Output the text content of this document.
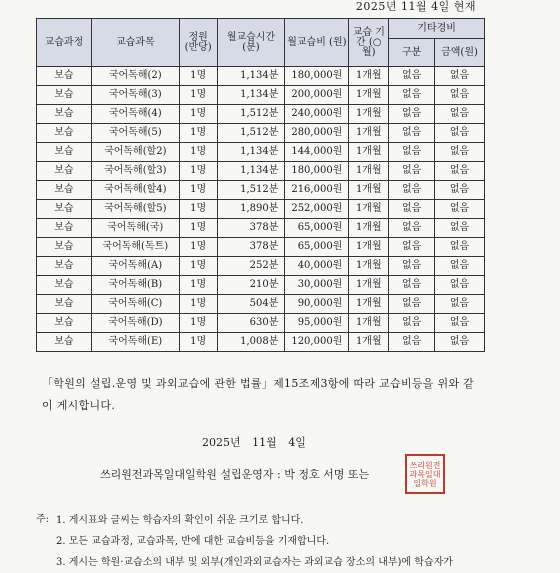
2025년 11월 4일 현재
교습과정	교습과목	정원 (반당)	월교습시간 (분)	월교습비 (원)	교습 기간 (○월)	기타경비	
						구분	금액(원)
보습	국어독해(2)	1명	1,134분	180,000원	1개월	없음	없음
보습	국어독해(3)	1명	1,134분	200,000원	1개월	없음	없음
보습	국어독해(4)	1명	1,512분	240,000원	1개월	없음	없음
보습	국어독해(5)	1명	1,512분	280,000원	1개월	없음	없음
보습	국어독해(할2)	1명	1,134분	144,000원	1개월	없음	없음
보습	국어독해(할3)	1명	1,134분	180,000원	1개월	없음	없음
보습	국어독해(할4)	1명	1,512분	216,000원	1개월	없음	없음
보습	국어독해(할5)	1명	1,890분	252,000원	1개월	없음	없음
보습	국어독해(국)	1명	378분	65,000원	1개월	없음	없음
보습	국어독해(독트)	1명	378분	65,000원	1개월	없음	없음
보습	국어독해(A)	1명	252분	40,000원	1개월	없음	없음
보습	국어독해(B)	1명	210분	30,000원	1개월	없음	없음
보습	국어독해(C)	1명	504분	90,000원	1개월	없음	없음
보습	국어독해(D)	1명	630분	95,000원	1개월	없음	없음
보습	국어독해(E)	1명	1,008분	120,000원	1개월	없음	없음
「학원의 설립.운영 및 과외교습에 관한 법률」제15조제3항에 따라 교습비등을 위와 같
이 게시합니다.
2025년 11월 4일
쓰리원전과목일대일학원 설립운영자 : 박 정호 서명 또는
쓰리원전과목일대일학원
주: 1. 게시표와 글씨는 학습자의 확인이 쉬운 크기로 합니다.
2. 모든 교습과정, 교습과목, 반에 대한 교습비등을 기재합니다.
3. 게시는 학원·교습소의 내부 및 외부(개인과외교습자는 과외교습 장소의 내부)에 학습자가
